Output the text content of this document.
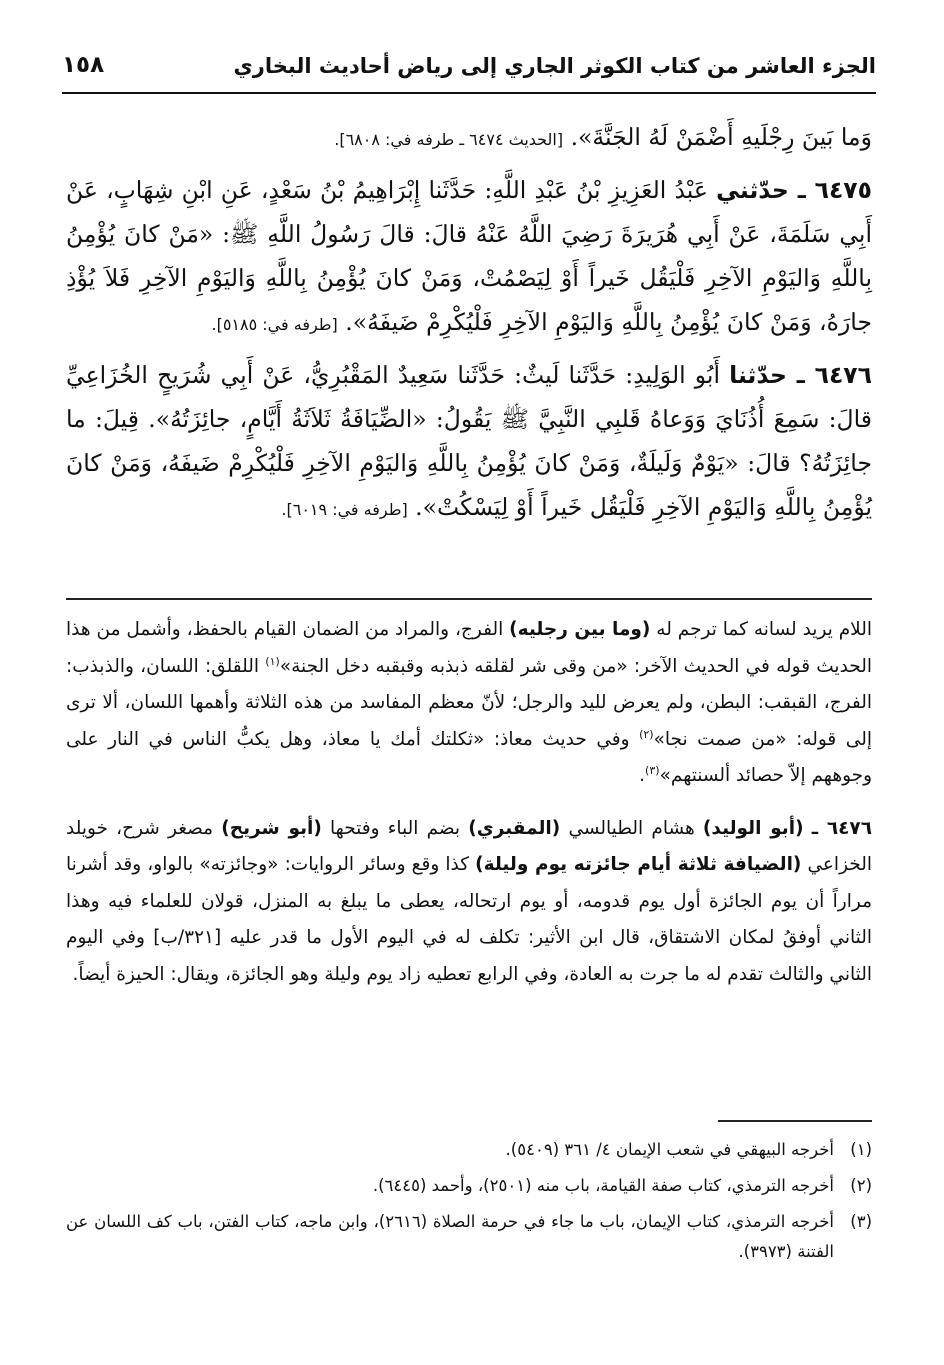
الجزء العاشر من كتاب الكوثر الجاري إلى رياض أحاديث البخاري
١٥٨

وَما بَينَ رِجْلَيهِ أَضْمَنْ لَهُ الجَنَّةَ». [الحديث ٦٤٧٤ ـ طرفه في: ٦٨٠٨].

٦٤٧٥ ـ حدّثني عَبْدُ العَزِيزِ بْنُ عَبْدِ اللَّهِ: حَدَّثَنا إِبْرَاهِيمُ بْنُ سَعْدٍ، عَنِ ابْنِ شِهَابٍ، عَنْ أَبِي سَلَمَةَ، عَنْ أَبِي هُرَيرَةَ رَضِيَ اللَّهُ عَنْهُ قالَ: قالَ رَسُولُ اللَّهِ ﷺ: «مَنْ كانَ يُؤْمِنُ بِاللَّهِ وَاليَوْمِ الآخِرِ فَلْيَقُل خَيراً أَوْ لِيَصْمُتْ، وَمَنْ كانَ يُؤْمِنُ بِاللَّهِ وَاليَوْمِ الآخِرِ فَلاَ يُؤْذِ جارَهُ، وَمَنْ كانَ يُؤْمِنُ بِاللَّهِ وَاليَوْمِ الآخِرِ فَلْيُكْرِمْ ضَيفَهُ». [طرفه في: ٥١٨٥].

٦٤٧٦ ـ حدّثنا أَبُو الوَلِيدِ: حَدَّثَنا لَيثٌ: حَدَّثَنا سَعِيدٌ المَقْبُرِيُّ، عَنْ أَبِي شُرَيحٍ الخُزَاعِيِّ قالَ: سَمِعَ أُذُنَايَ وَوَعاهُ قَلبِي النَّبِيَّ ﷺ يَقُولُ: «الضِّيَافَةُ ثَلاَثَةُ أَيَّامٍ، جائِزَتُهُ». قِيلَ: ما جائِزَتُهُ؟ قالَ: «يَوْمٌ وَلَيلَةٌ، وَمَنْ كانَ يُؤْمِنُ بِاللَّهِ وَاليَوْمِ الآخِرِ فَلْيُكْرِمْ ضَيفَهُ، وَمَنْ كانَ يُؤْمِنُ بِاللَّهِ وَاليَوْمِ الآخِرِ فَلْيَقُل خَيراً أَوْ لِيَسْكُتْ». [طرفه في: ٦٠١٩].

اللام يريد لسانه كما ترجم له (وما بين رجليه) الفرج، والمراد من الضمان القيام بالحفظ، وأشمل من هذا الحديث قوله في الحديث الآخر: «من وقى شر لقلقه ذبذبه وقبقبه دخل الجنة»$^{(١)}$ اللقلق: اللسان، والذبذب: الفرج، القبقب: البطن، ولم يعرض لليد والرجل؛ لأنّ معظم المفاسد من هذه الثلاثة وأهمها اللسان، ألا ترى إلى قوله: «من صمت نجا»$^{(٢)}$ وفي حديث معاذ: «ثكلتك أمك يا معاذ، وهل يكبُّ الناس في النار على وجوههم إلاّ حصائد ألسنتهم»$^{(٣)}$.

٦٤٧٦ ـ (أبو الوليد) هشام الطيالسي (المقبري) بضم الباء وفتحها (أبو شريح) مصغر شرح، خويلد الخزاعي (الضيافة ثلاثة أيام جائزته يوم وليلة) كذا وقع وسائر الروايات: «وجائزته» بالواو، وقد أشرنا مراراً أن يوم الجائزة أول يوم قدومه، أو يوم ارتحاله، يعطى ما يبلغ به المنزل، قولان للعلماء فيه وهذا الثاني أوفقُ لمكان الاشتقاق، قال ابن الأثير: تكلف له في اليوم الأول ما قدر عليه [٣٢١/ب] وفي اليوم الثاني والثالث تقدم له ما جرت به العادة، وفي الرابع تعطيه زاد يوم وليلة وهو الجائزة، ويقال: الحيزة أيضاً.

(١)
أخرجه البيهقي في شعب الإيمان ٤/ ٣٦١ (٥٤٠٩).
(٢)
أخرجه الترمذي، كتاب صفة القيامة، باب منه (٢٥٠١)، وأحمد (٦٤٤٥).
(٣)
أخرجه الترمذي، كتاب الإيمان، باب ما جاء في حرمة الصلاة (٢٦١٦)، وابن ماجه، كتاب الفتن، باب كف اللسان عن الفتنة (٣٩٧٣).
